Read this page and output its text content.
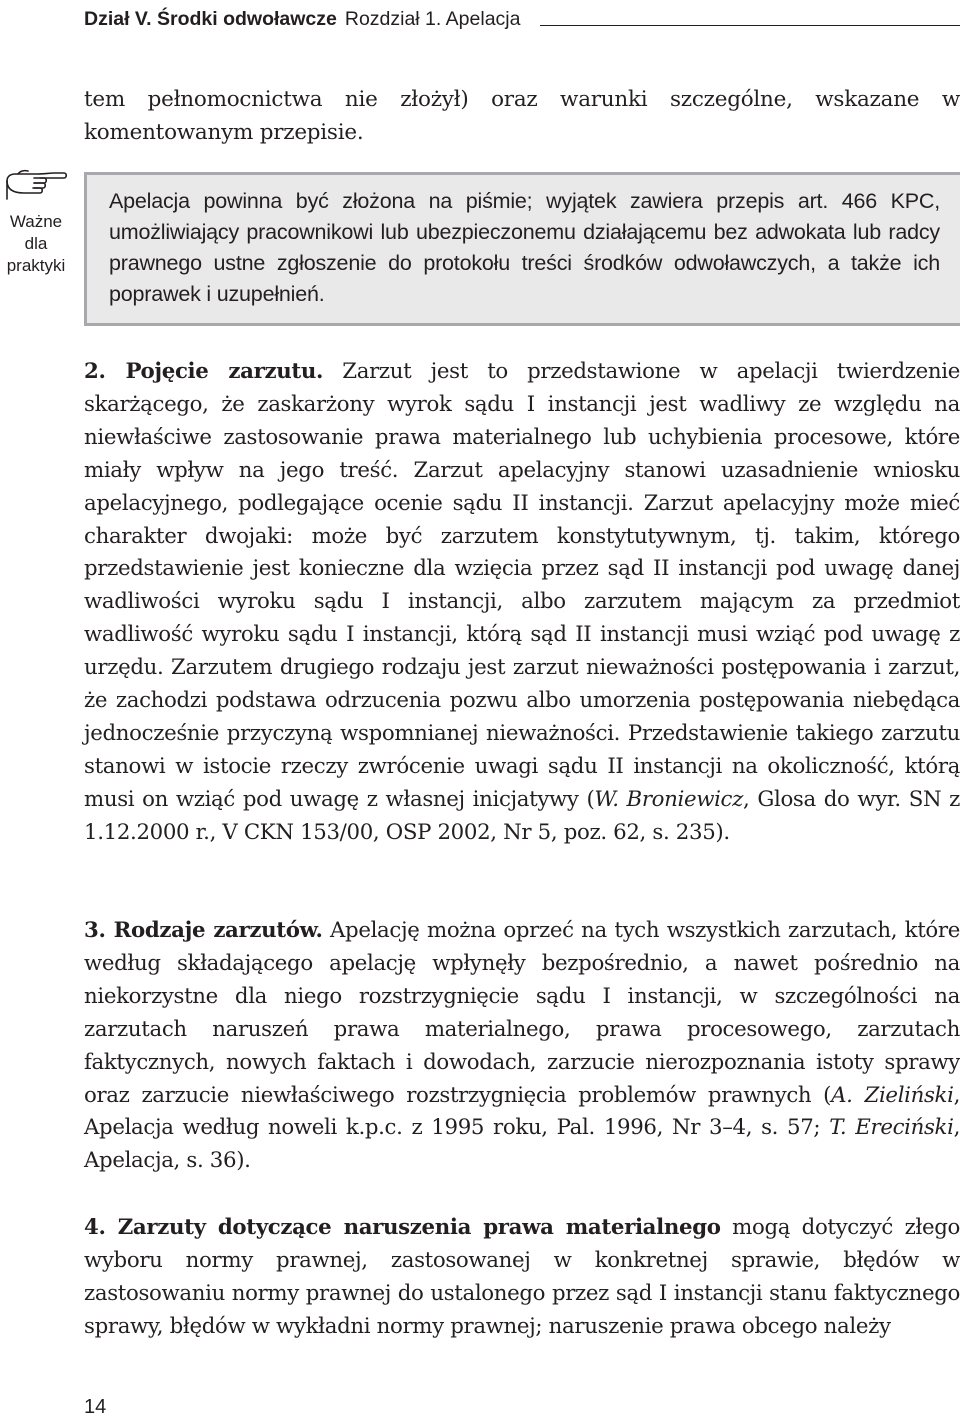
Dział V. Środki odwoławcze Rozdział 1. Apelacja

tem pełnomocnictwa nie złożył) oraz warunki szczególne, wskazane w komentowanym przepisie.

Ważne
dla
praktyki

Apelacja powinna być złożona na piśmie; wyjątek zawiera przepis art. 466 KPC, umożliwiający pracownikowi lub ubezpieczonemu działającemu bez adwokata lub radcy prawnego ustne zgłoszenie do protokołu treści środków odwoławczych, a także ich poprawek i uzupełnień.

2. Pojęcie zarzutu. Zarzut jest to przedstawione w apelacji twierdzenie skarżącego, że zaskarżony wyrok sądu I instancji jest wadliwy ze względu na niewłaściwe zastosowanie prawa materialnego lub uchybienia procesowe, które miały wpływ na jego treść. Zarzut apelacyjny stanowi uzasadnienie wniosku apelacyjnego, podlegające ocenie sądu II instancji. Zarzut apelacyjny może mieć charakter dwojaki: może być zarzutem konstytutywnym, tj. takim, którego przedstawienie jest konieczne dla wzięcia przez sąd II instancji pod uwagę danej wadliwości wyroku sądu I instancji, albo zarzutem mającym za przedmiot wadliwość wyroku sądu I instancji, którą sąd II instancji musi wziąć pod uwagę z urzędu. Zarzutem drugiego rodzaju jest zarzut nieważności postępowania i zarzut, że zachodzi podstawa odrzucenia pozwu albo umorzenia postępowania niebędąca jednocześnie przyczyną wspomnianej nieważności. Przedstawienie takiego zarzutu stanowi w istocie rzeczy zwrócenie uwagi sądu II instancji na okoliczność, którą musi on wziąć pod uwagę z własnej inicjatywy (W. Broniewicz, Glosa do wyr. SN z 1.12.2000 r., V CKN 153/00, OSP 2002, Nr 5, poz. 62, s. 235).

3. Rodzaje zarzutów. Apelację można oprzeć na tych wszystkich zarzutach, które według składającego apelację wpłynęły bezpośrednio, a nawet pośrednio na niekorzystne dla niego rozstrzygnięcie sądu I instancji, w szczególności na zarzutach naruszeń prawa materialnego, prawa procesowego, zarzutach faktycznych, nowych faktach i dowodach, zarzucie nierozpoznania istoty sprawy oraz zarzucie niewłaściwego rozstrzygnięcia problemów prawnych (A. Zieliński, Apelacja według noweli k.p.c. z 1995 roku, Pal. 1996, Nr 3–4, s. 57; T. Ereciński, Apelacja, s. 36).

4. Zarzuty dotyczące naruszenia prawa materialnego mogą dotyczyć złego wyboru normy prawnej, zastosowanej w konkretnej sprawie, błędów w zastosowaniu normy prawnej do ustalonego przez sąd I instancji stanu faktycznego sprawy, błędów w wykładni normy prawnej; naruszenie prawa obcego należy

14
